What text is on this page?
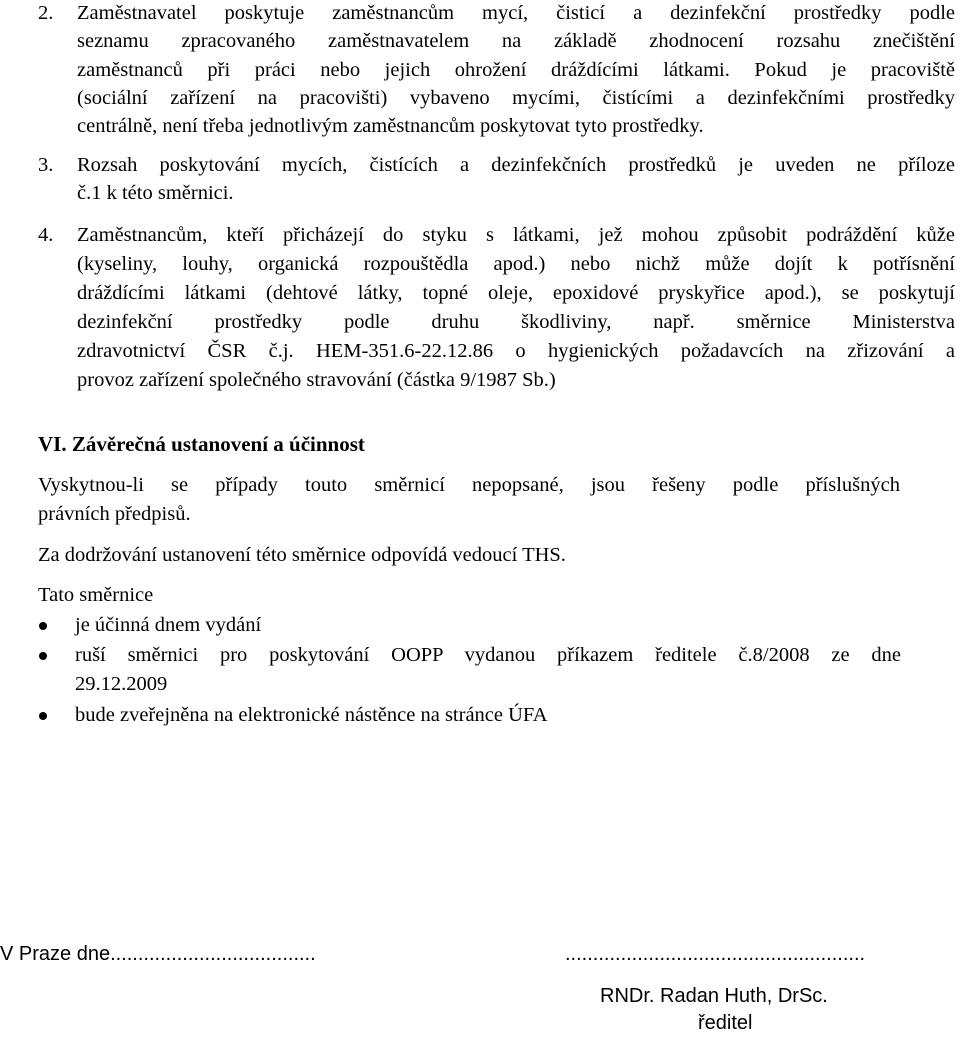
2. Zaměstnavatel poskytuje zaměstnancům mycí, čisticí a dezinfekční prostředky podle
seznamu zpracovaného zaměstnavatelem na základě zhodnocení rozsahu znečištění
zaměstnanců při práci nebo jejich ohrožení dráždícími látkami. Pokud je pracoviště
(sociální zařízení na pracovišti) vybaveno mycími, čistícími a dezinfekčními prostředky
centrálně, není třeba jednotlivým zaměstnancům poskytovat tyto prostředky.
3. Rozsah poskytování mycích, čistících a dezinfekčních prostředků je uveden ne příloze
č.1 k této směrnici.
4. Zaměstnancům, kteří přicházejí do styku s látkami, jež mohou způsobit podráždění kůže
(kyseliny, louhy, organická rozpouštědla apod.) nebo nichž může dojít k potřísnění
dráždícími látkami (dehtové látky, topné oleje, epoxidové pryskyřice apod.), se poskytují
dezinfekční prostředky podle druhu škodliviny, např. směrnice Ministerstva
zdravotnictví ČSR č.j. HEM-351.6-22.12.86 o hygienických požadavcích na zřizování a
provoz zařízení společného stravování (částka 9/1987 Sb.)
VI. Závěrečná ustanovení a účinnost
Vyskytnou-li se případy touto směrnicí nepopsané, jsou řešeny podle příslušných
právních předpisů.
Za dodržování ustanovení této směrnice odpovídá vedoucí THS.
Tato směrnice
je účinná dnem vydání
ruší směrnici pro poskytování OOPP vydanou příkazem ředitele č.8/2008 ze dne
29.12.2009
bude zveřejněna na elektronické nástěnce na stránce ÚFA
V Praze dne.....................................	......................................................
RNDr. Radan Huth, DrSc.
ředitel
